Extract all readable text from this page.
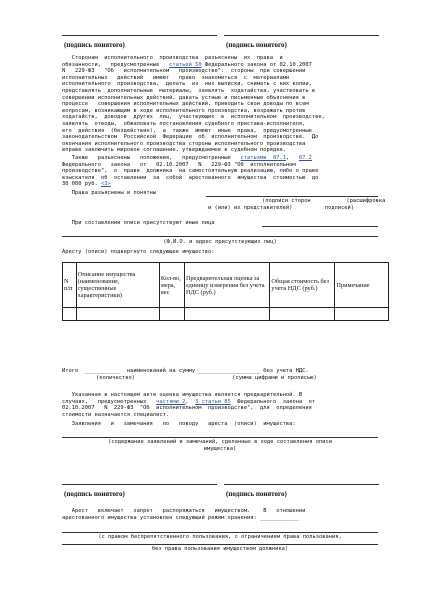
(подпись понятого)	(подпись понятого)
Сторонам  исполнительного  производства  разъяснены  их  права  и
обязанности,   предусмотренные   статьей 50 Федерального закона от 02.10.2007
N   229-ФЗ   "Об   исполнительном   производстве":  стороны  при совершении
исполнительных   действий   имеют   право  знакомиться  с  материалами
исполнительного  производства,  делать  из  них выписки, снимать с них копии,
представлять  дополнительные  материалы,  заявлять  ходатайства, участвовать в
совершении исполнительных действий, давать устные и письменные объяснения в
процессе   совершения исполнительных действий, приводить свои доводы по всем
вопросам, возникающим в ходе исполнительного производства, возражать против
ходатайств,  доводов  других  лиц,  участвующих  в  исполнительном  производстве,
заявлять  отводы,  обжаловать постановления судебного пристава-исполнителя,
его  действия  (бездействие),  а  также  имеют  иные  права,  предусмотренные
законодательством  Российской  Федерации  об  исполнительном  производстве.  До
окончания исполнительного производства стороны исполнительного производства
вправе заключить мировое соглашение, утверждаемое в судебном порядке.
Также   разъяснены   положения,   предусмотренные   статьями  87.1,   87.2
Федерального   закона   от   02.10.2007   N   229-ФЗ "Об  исполнительном
производстве",  о  праве  должника  на самостоятельную реализацию, либо о праве
взыскателя  об  оставлении  за  собой  арестованного  имущества  стоимостью  до
30 000 руб. <3>
Права разъяснены и понятны
(подписи сторон           (расшифровка
и (или) их представителей)          подписей)
При составлении описи присутствуют иные лица
(Ф.И.О. и адрес присутствующих лиц)
Аресту (описи) подвергнуто следующее имущество:
N п/п	Описание имущества (наименование, существенные характеристики)	Кол-во, мера, вес	Предварительная оценка за единицу измерения без учета НДС (руб.)	Общая стоимость без учета НДС (руб.)	Примечание

Итого  ___________  наименований на сумму ___________________ без учета НДС.
(количество)                              (сумма цифрами и прописью)
Указанная в настоящем акте оценка имущества является предварительной. В
случаях,   предусмотренных   частями 2,  3 статьи 85  Федерального  закона  от
02.10.2007   N  229-ФЗ  "Об  исполнительном  производстве",  для  определения
стоимости назначается специалист.
Заявления   и   замечания   по   поводу   ареста  (описи)  имущества:
(содержание заявлений и замечаний, сделанных в ходе составления описи
имущества)
(подпись понятого)	(подпись понятого)
Арест   включает   запрет   распоряжаться   имуществом.    В   отношении
арестованного имущества установлен следующий режим хранения: ____________
(с правом беспрепятственного пользования, с ограничением права пользования,
без права пользования имуществом должника)
